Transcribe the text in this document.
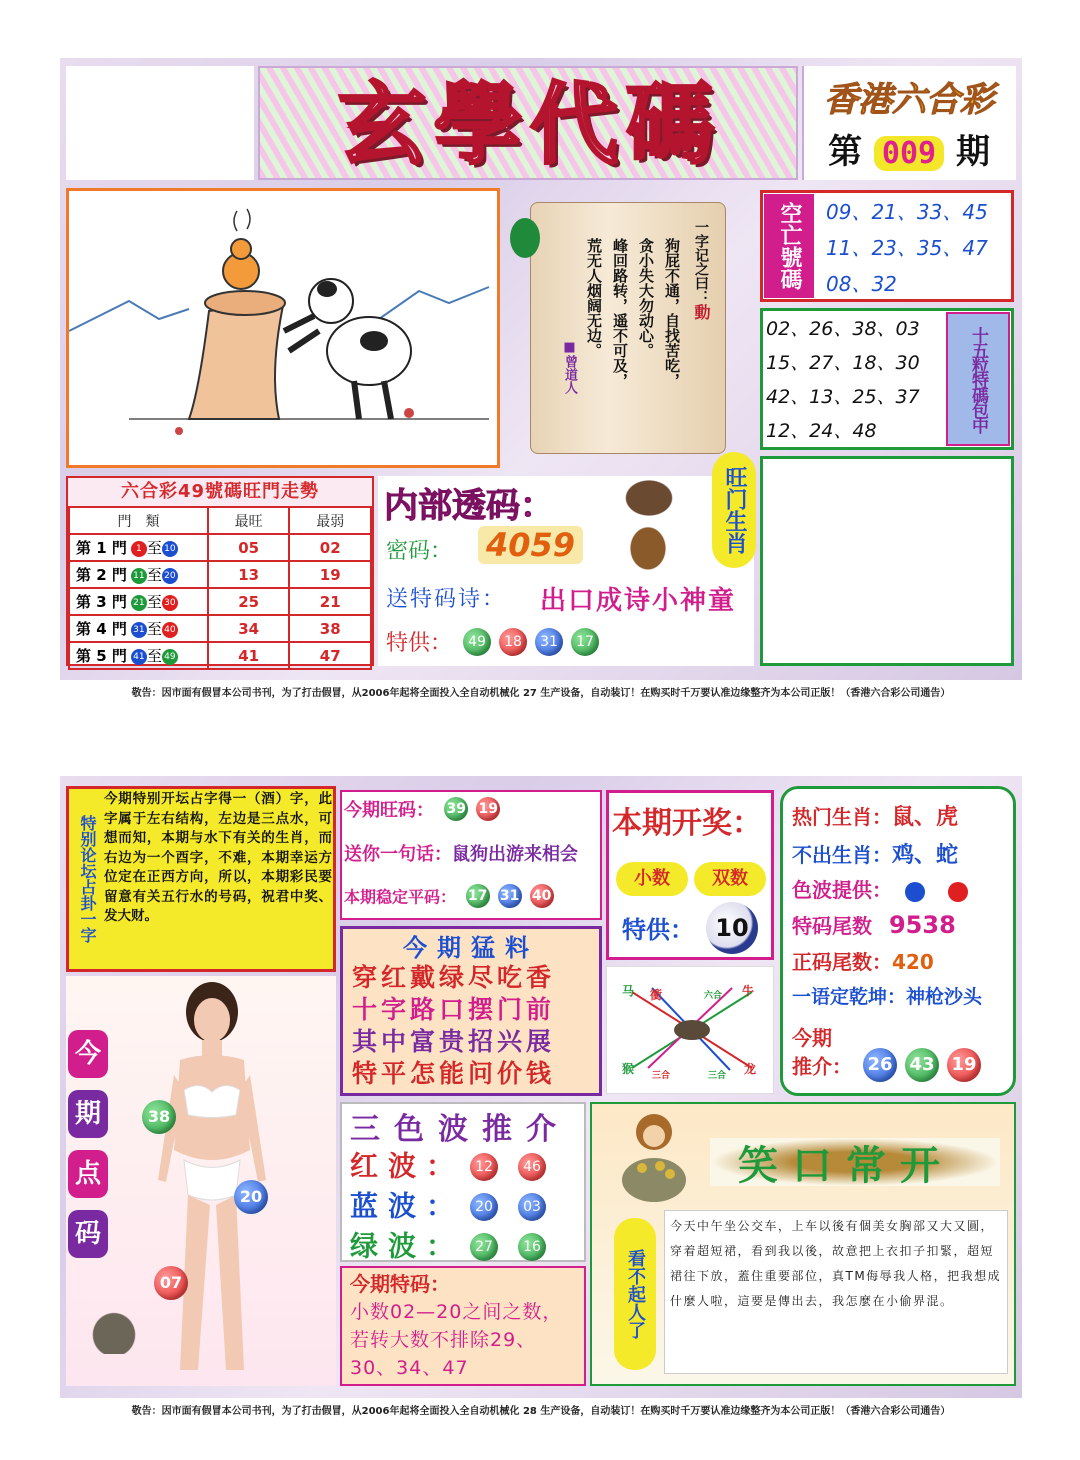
玄學代碼	香港六合彩
第 009 期
一字记之曰：動
狗屁不通，自找苦吃，
贪小失大勿动心。
峰回路转，遥不可及，
荒无人烟阔无边。
■曾道人
空亡號碼	09、21、33、45
11、23、35、47
08、32
02、26、38、03
15、27、18、30
42、13、25、37
12、24、48	十五粒特碼包中
六合彩49號碼旺門走勢
門　類	最旺	最弱
第 1 門 1 至 10	05	02
第 2 門 11 至 20	13	19
第 3 門 21 至 30	25	21
第 4 門 31 至 40	34	38
第 5 門 41 至 49	41	47
内部透码：
密码： 4059
送特码诗： 出口成诗小神童
特供： 49 18 31 17
旺门生肖
敬告：因市面有假冒本公司书刊，为了打击假冒，从2006年起将全面投入全自动机械化 27 生产设备，自动装订！在购买时千万要认准边缘整齐为本公司正版！（香港六合彩公司通告）
特别论坛占卦一字
今期特别开坛占字得一（酒）字，此字属于左右结构，左边是三点水，可想而知，本期与水下有关的生肖，而右边为一个酉字，不难，本期幸运方位定在正西方向，所以，本期彩民要留意有关五行水的号码，祝君中奖、发大财。
今
期
点
码
38
20
07
今期旺码： 39 19
送你一句话：鼠狗出游来相会
本期稳定平码： 17 31 40
本期开奖：
小数	双数
特供： 10
热门生肖：鼠、虎
不出生肖：鸡、蛇
色波提供：
特码尾数 9538
正码尾数：420
一语定乾坤：神枪沙头
今期
推介： 26 43 19
今期猛料
穿红戴绿尽吃香
十字路口摆门前
其中富贵招兴展
特平怎能问价钱
马 衝	六合 牛
猴 三合	三合 龙
三色波推介
红波： 12 46
蓝波： 20 03
绿波： 27 16
今期特码：
小数02—20之间之数，若转大数不排除29、30、34、47
笑口常开
看不起人了
今天中午坐公交车，上车以後有個美女胸部又大又圓，穿着超短裙，看到我以後，故意把上衣扣子扣緊，超短裙往下放，蓋住重要部位，真TM侮辱我人格，把我想成什麼人啦，這要是傳出去，我怎麼在小偷界混。
敬告：因市面有假冒本公司书刊，为了打击假冒，从2006年起将全面投入全自动机械化 28 生产设备，自动装订！在购买时千万要认准边缘整齐为本公司正版！（香港六合彩公司通告）
